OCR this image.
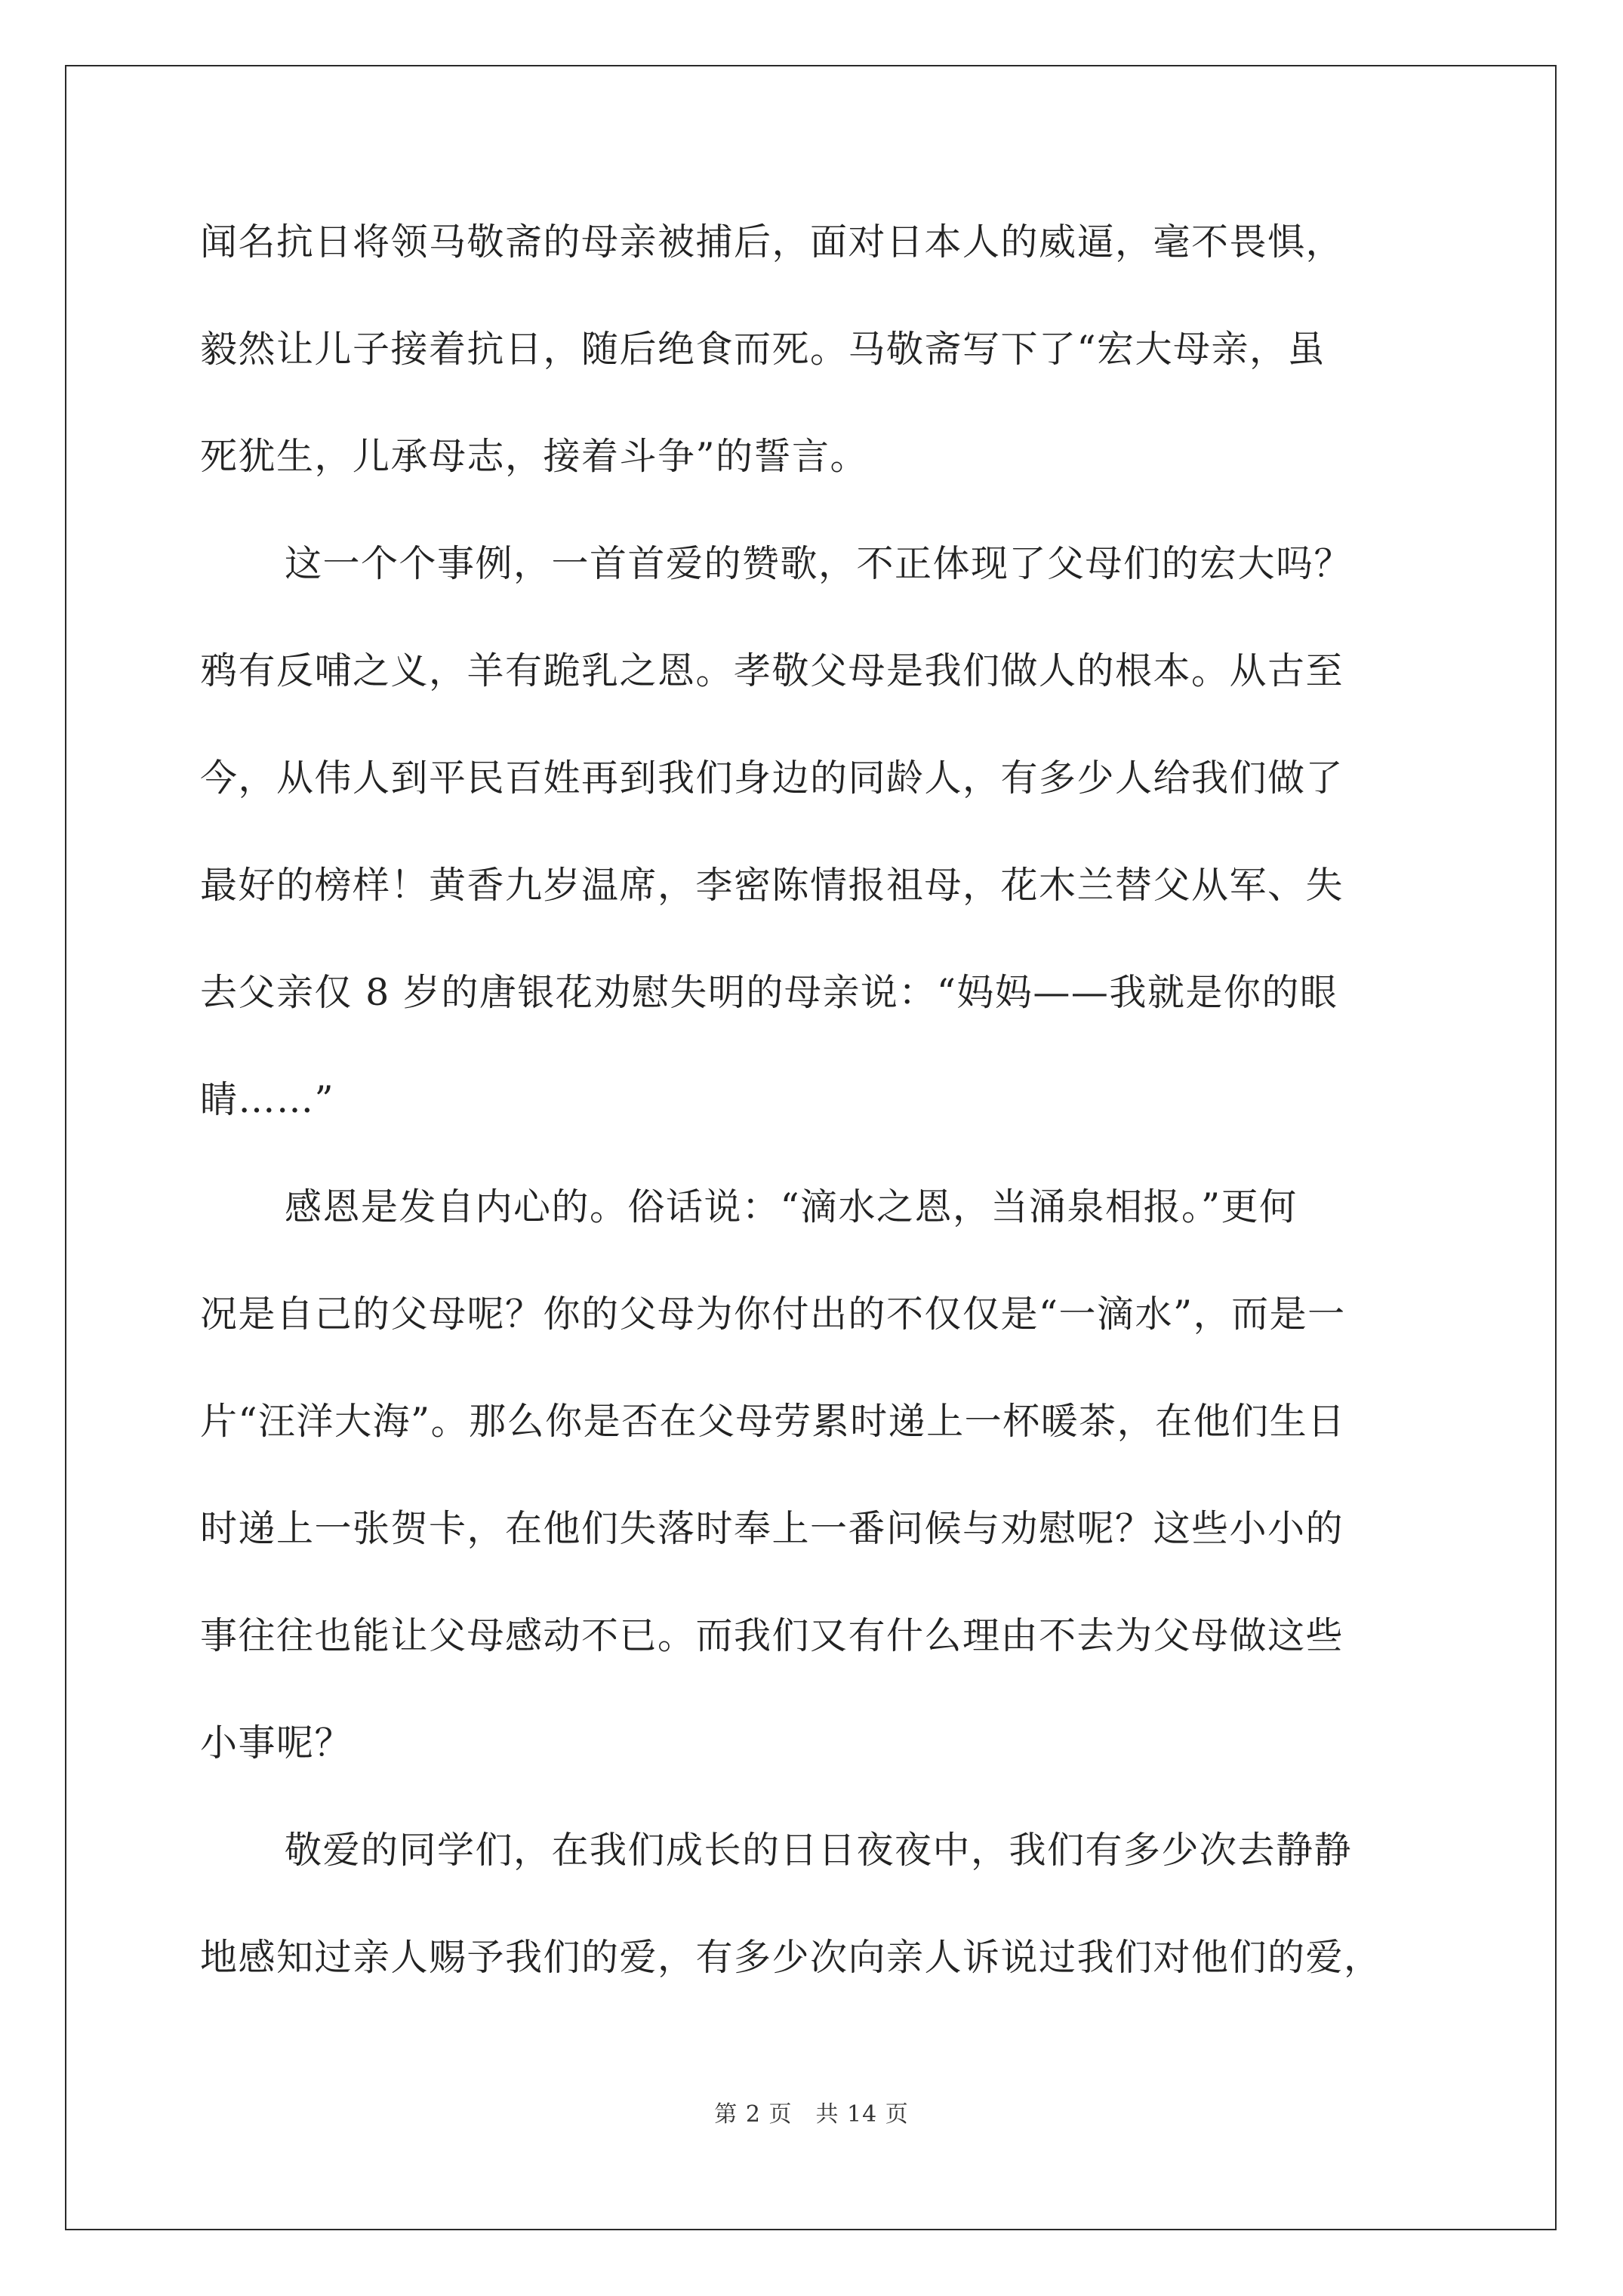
闻名抗日将领马敬斋的母亲被捕后，面对日本人的威逼，毫不畏惧，
毅然让儿子接着抗日，随后绝食而死。马敬斋写下了“宏大母亲，虽
死犹生，儿承母志，接着斗争”的誓言。
这一个个事例，一首首爱的赞歌，不正体现了父母们的宏大吗？
鸦有反哺之义，羊有跪乳之恩。孝敬父母是我们做人的根本。从古至
今，从伟人到平民百姓再到我们身边的同龄人，有多少人给我们做了
最好的榜样！黄香九岁温席，李密陈情报祖母，花木兰替父从军、失
去父亲仅 8 岁的唐银花劝慰失明的母亲说：“妈妈——我就是你的眼
睛……”
感恩是发自内心的。俗话说：“滴水之恩，当涌泉相报。”更何
况是自己的父母呢？你的父母为你付出的不仅仅是“一滴水”，而是一
片“汪洋大海”。那么你是否在父母劳累时递上一杯暖茶，在他们生日
时递上一张贺卡，在他们失落时奉上一番问候与劝慰呢？这些小小的
事往往也能让父母感动不已。而我们又有什么理由不去为父母做这些
小事呢？
敬爱的同学们，在我们成长的日日夜夜中，我们有多少次去静静
地感知过亲人赐予我们的爱，有多少次向亲人诉说过我们对他们的爱，
第 2 页　共 14 页
